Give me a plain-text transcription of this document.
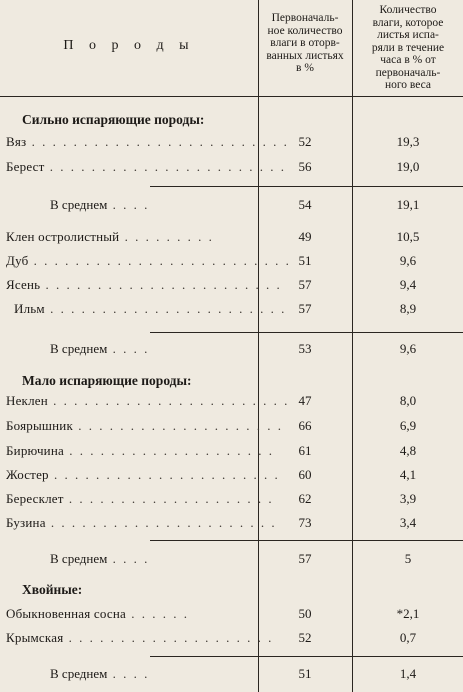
П о р о д ы
Первоначаль-
ное количество
влаги в оторв-
ванных листьях
в %
Количество
влаги, которое
листья испа-
ряли в течение
часа в % от
первоначаль-
ного веса
Сильно испаряющие породы:
Вяз . . . . . . . . . . . . . . . . . . . . . . . . . 52	19,3
Берест . . . . . . . . . . . . . . . . . . . . . . . 56	19,0
В среднем . . . .	54	19,1
Клен остролистный . . . . . . . . .	49	10,5
Дуб . . . . . . . . . . . . . . . . . . . . . . . . . 51	9,6
Ясень . . . . . . . . . . . . . . . . . . . . . . .	57	9,4
Ильм . . . . . . . . . . . . . . . . . . . . . . . 57	8,9
В среднем . . . .	53	9,6
Мало испаряющие породы:
Неклен . . . . . . . . . . . . . . . . . . . . . . . 47	8,0
Боярышник . . . . . . . . . . . . . . . . . . . .	66	6,9
Бирючина . . . . . . . . . . . . . . . . . . . .	61	4,8
Жостер . . . . . . . . . . . . . . . . . . . . . .	60	4,1
Бересклет . . . . . . . . . . . . . . . . . . . .	62	3,9
Бузина . . . . . . . . . . . . . . . . . . . . . .	73	3,4
В среднем . . . .	57	5
Хвойные:
Обыкновенная сосна . . . . . .	50	*2,1
Крымская . . . . . . . . . . . . . . . . . . . .	52	0,7
В среднем . . . .	51	1,4
